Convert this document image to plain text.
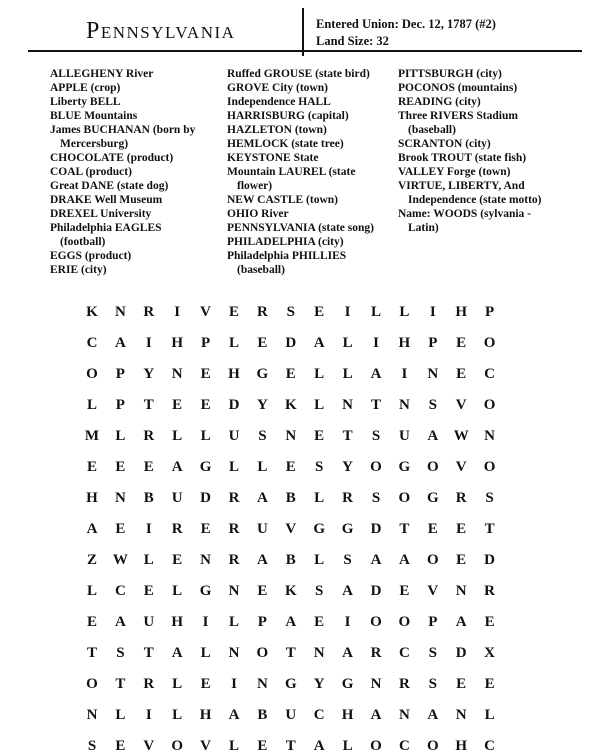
Pennsylvania	Entered Union: Dec. 12, 1787 (#2)
Land Size: 32
ALLEGHENY River
APPLE (crop)
Liberty BELL
BLUE Mountains
James BUCHANAN (born by
Mercersburg)
CHOCOLATE (product)
COAL (product)
Great DANE (state dog)
DRAKE Well Museum
DREXEL University
Philadelphia EAGLES
(football)
EGGS (product)
ERIE (city)
Ruffed GROUSE (state bird)
GROVE City (town)
Independence HALL
HARRISBURG (capital)
HAZLETON (town)
HEMLOCK (state tree)
KEYSTONE State
Mountain LAUREL (state
flower)
NEW CASTLE (town)
OHIO River
PENNSYLVANIA (state song)
PHILADELPHIA (city)
Philadelphia PHILLIES
(baseball)
PITTSBURGH (city)
POCONOS (mountains)
READING (city)
Three RIVERS Stadium
(baseball)
SCRANTON (city)
Brook TROUT (state fish)
VALLEY Forge (town)
VIRTUE, LIBERTY, And
Independence (state motto)
Name: WOODS (sylvania -
Latin)
K	N	R	I	V	E	R	S	E	I	L	L	I	H	P
C	A	I	H	P	L	E	D	A	L	I	H	P	E	O
O	P	Y	N	E	H	G	E	L	L	A	I	N	E	C
L	P	T	E	E	D	Y	K	L	N	T	N	S	V	O
M	L	R	L	L	U	S	N	E	T	S	U	A	W	N
E	E	E	A	G	L	L	E	S	Y	O	G	O	V	O
H	N	B	U	D	R	A	B	L	R	S	O	G	R	S
A	E	I	R	E	R	U	V	G	G	D	T	E	E	T
Z	W	L	E	N	R	A	B	L	S	A	A	O	E	D
L	C	E	L	G	N	E	K	S	A	D	E	V	N	R
E	A	U	H	I	L	P	A	E	I	O	O	P	A	E
T	S	T	A	L	N	O	T	N	A	R	C	S	D	X
O	T	R	L	E	I	N	G	Y	G	N	R	S	E	E
N	L	I	L	H	A	B	U	C	H	A	N	A	N	L
S	E	V	O	V	L	E	T	A	L	O	C	O	H	C
